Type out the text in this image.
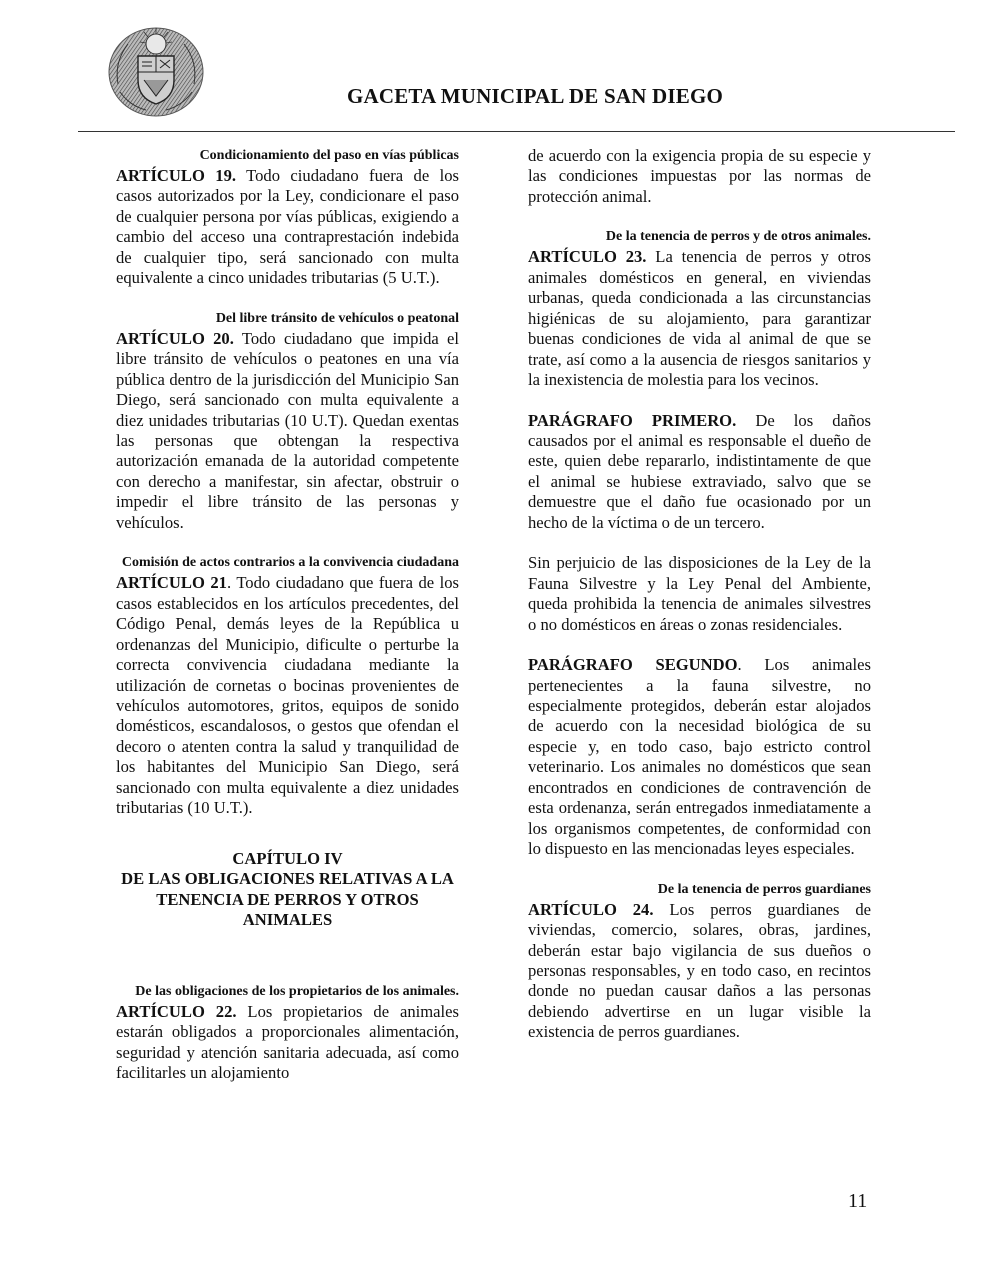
GACETA MUNICIPAL DE SAN DIEGO
Condicionamiento del paso en vías públicas

ARTÍCULO 19. Todo ciudadano fuera de los casos autorizados por la Ley, condicionare el paso de cualquier persona por vías públicas, exigiendo a cambio del acceso una contraprestación indebida de cualquier tipo, será sancionado con multa equivalente a cinco unidades tributarias (5 U.T.).

Del libre tránsito de vehículos o peatonal

ARTÍCULO 20. Todo ciudadano que impida el libre tránsito de vehículos o peatones en una vía pública dentro de la jurisdicción del Municipio San Diego, será sancionado con multa equivalente a diez unidades tributarias (10 U.T). Quedan exentas las personas que obtengan la respectiva autorización emanada de la autoridad competente con derecho a manifestar, sin afectar, obstruir o impedir el libre tránsito de las personas y vehículos.

Comisión de actos contrarios a la convivencia ciudadana

ARTÍCULO 21. Todo ciudadano que fuera de los casos establecidos en los artículos precedentes, del Código Penal, demás leyes de la República u ordenanzas del Municipio, dificulte o perturbe la correcta convivencia ciudadana mediante la utilización de cornetas o bocinas provenientes de vehículos automotores, gritos, equipos de sonido domésticos, escandalosos, o gestos que ofendan el decoro o atenten contra la salud y tranquilidad de los habitantes del Municipio San Diego, será sancionado con multa equivalente a diez unidades tributarias (10 U.T.).

CAPÍTULO IV
DE LAS OBLIGACIONES RELATIVAS A LA TENENCIA DE PERROS Y OTROS ANIMALES
De las obligaciones de los propietarios de los animales.

ARTÍCULO 22. Los propietarios de animales estarán obligados a proporcionales alimentación, seguridad y atención sanitaria adecuada, así como facilitarles un alojamiento

de acuerdo con la exigencia propia de su especie y las condiciones impuestas por las normas de protección animal.

De la tenencia de perros y de otros animales.

ARTÍCULO 23. La tenencia de perros y otros animales domésticos en general, en viviendas urbanas, queda condicionada a las circunstancias higiénicas de su alojamiento, para garantizar buenas condiciones de vida al animal de que se trate, así como a la ausencia de riesgos sanitarios y la inexistencia de molestia para los vecinos.

PARÁGRAFO PRIMERO. De los daños causados por el animal es responsable el dueño de este, quien debe repararlo, indistintamente de que el animal se hubiese extraviado, salvo que se demuestre que el daño fue ocasionado por un hecho de la víctima o de un tercero.

Sin perjuicio de las disposiciones de la Ley de la Fauna Silvestre y la Ley Penal del Ambiente, queda prohibida la tenencia de animales silvestres o no domésticos en áreas o zonas residenciales.

PARÁGRAFO SEGUNDO. Los animales pertenecientes a la fauna silvestre, no especialmente protegidos, deberán estar alojados de acuerdo con la necesidad biológica de su especie y, en todo caso, bajo estricto control veterinario. Los animales no domésticos que sean encontrados en condiciones de contravención de esta ordenanza, serán entregados inmediatamente a los organismos competentes, de conformidad con lo dispuesto en las mencionadas leyes especiales.

De la tenencia de perros guardianes

ARTÍCULO 24. Los perros guardianes de viviendas, comercio, solares, obras, jardines, deberán estar bajo vigilancia de sus dueños o personas responsables, y en todo caso, en recintos donde no puedan causar daños a las personas debiendo advertirse en un lugar visible la existencia de perros guardianes.

11
